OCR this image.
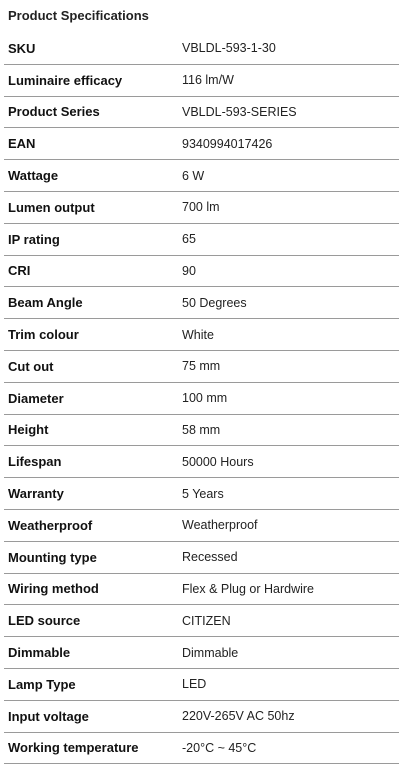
Product Specifications
SKU	VBLDL-593-1-30
Luminaire efficacy	116 lm/W
Product Series	VBLDL-593-SERIES
EAN	9340994017426
Wattage	6 W
Lumen output	700 lm
IP rating	65
CRI	90
Beam Angle	50 Degrees
Trim colour	White
Cut out	75 mm
Diameter	100 mm
Height	58 mm
Lifespan	50000 Hours
Warranty	5 Years
Weatherproof	Weatherproof
Mounting type	Recessed
Wiring method	Flex & Plug or Hardwire
LED source	CITIZEN
Dimmable	Dimmable
Lamp Type	LED
Input voltage	220V-265V AC 50hz
Working temperature	-20°C ~ 45°C
